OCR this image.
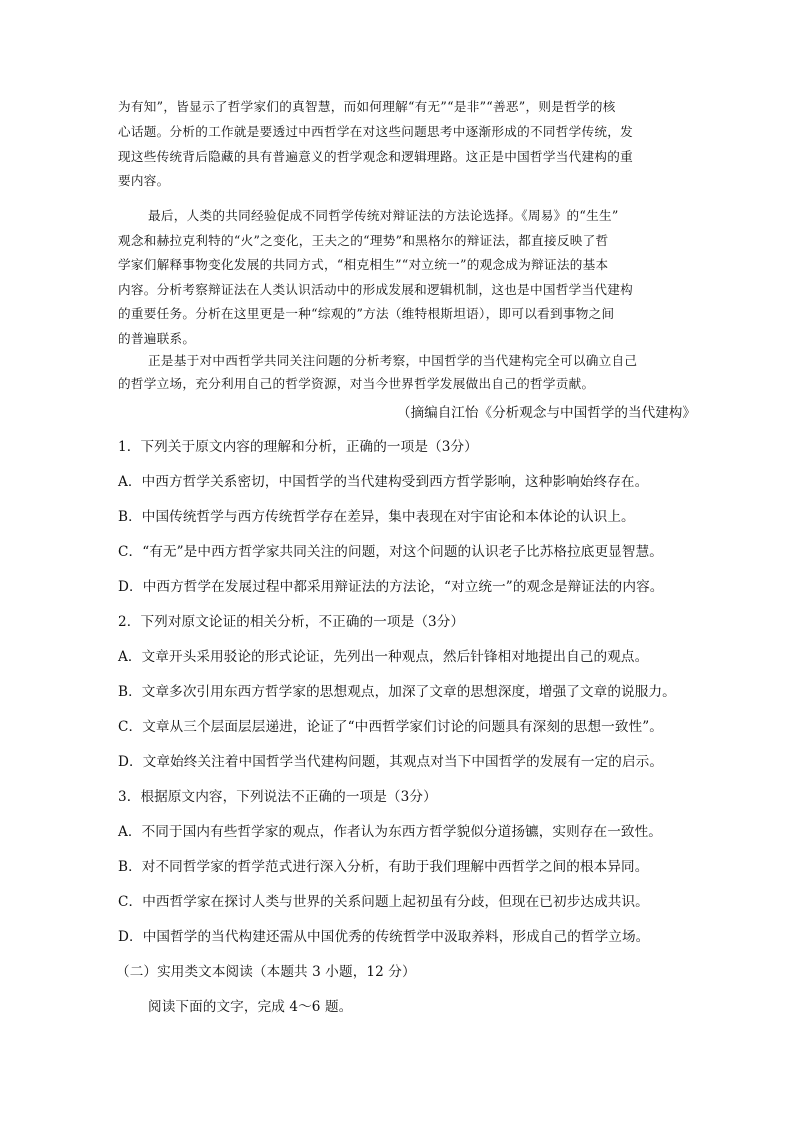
为有知”，皆显示了哲学家们的真智慧，而如何理解“有无”“是非”“善恶”，则是哲学的核
心话题。分析的工作就是要透过中西哲学在对这些问题思考中逐渐形成的不同哲学传统，发
现这些传统背后隐藏的具有普遍意义的哲学观念和逻辑理路。这正是中国哲学当代建构的重
要内容。
最后，人类的共同经验促成不同哲学传统对辩证法的方法论选择。《周易》的“生生”
观念和赫拉克利特的“火”之变化，王夫之的“理势”和黑格尔的辩证法，都直接反映了哲
学家们解释事物变化发展的共同方式，“相克相生”“对立统一”的观念成为辩证法的基本
内容。分析考察辩证法在人类认识活动中的形成发展和逻辑机制，这也是中国哲学当代建构
的重要任务。分析在这里更是一种“综观的”方法（维特根斯坦语），即可以看到事物之间
的普遍联系。
正是基于对中西哲学共同关注问题的分析考察，中国哲学的当代建构完全可以确立自己
的哲学立场，充分利用自己的哲学资源，对当今世界哲学发展做出自己的哲学贡献。
（摘编自江怡《分析观念与中国哲学的当代建构》
1．下列关于原文内容的理解和分析，正确的一项是（3分）
A．中西方哲学关系密切，中国哲学的当代建构受到西方哲学影响，这种影响始终存在。
B．中国传统哲学与西方传统哲学存在差异，集中表现在对宇宙论和本体论的认识上。
C．“有无”是中西方哲学家共同关注的问题，对这个问题的认识老子比苏格拉底更显智慧。
D．中西方哲学在发展过程中都采用辩证法的方法论，“对立统一”的观念是辩证法的内容。
2．下列对原文论证的相关分析，不正确的一项是（3分）
A．文章开头采用驳论的形式论证，先列出一种观点，然后针锋相对地提出自己的观点。
B．文章多次引用东西方哲学家的思想观点，加深了文章的思想深度，增强了文章的说服力。
C．文章从三个层面层层递进，论证了“中西哲学家们讨论的问题具有深刻的思想一致性”。
D．文章始终关注着中国哲学当代建构问题，其观点对当下中国哲学的发展有一定的启示。
3．根据原文内容，下列说法不正确的一项是（3分）
A．不同于国内有些哲学家的观点，作者认为东西方哲学貌似分道扬镳，实则存在一致性。
B．对不同哲学家的哲学范式进行深入分析，有助于我们理解中西哲学之间的根本异同。
C．中西哲学家在探讨人类与世界的关系问题上起初虽有分歧，但现在已初步达成共识。
D．中国哲学的当代构建还需从中国优秀的传统哲学中汲取养料，形成自己的哲学立场。
（二）实用类文本阅读（本题共 3 小题，12 分）
阅读下面的文字，完成 4～6 题。
